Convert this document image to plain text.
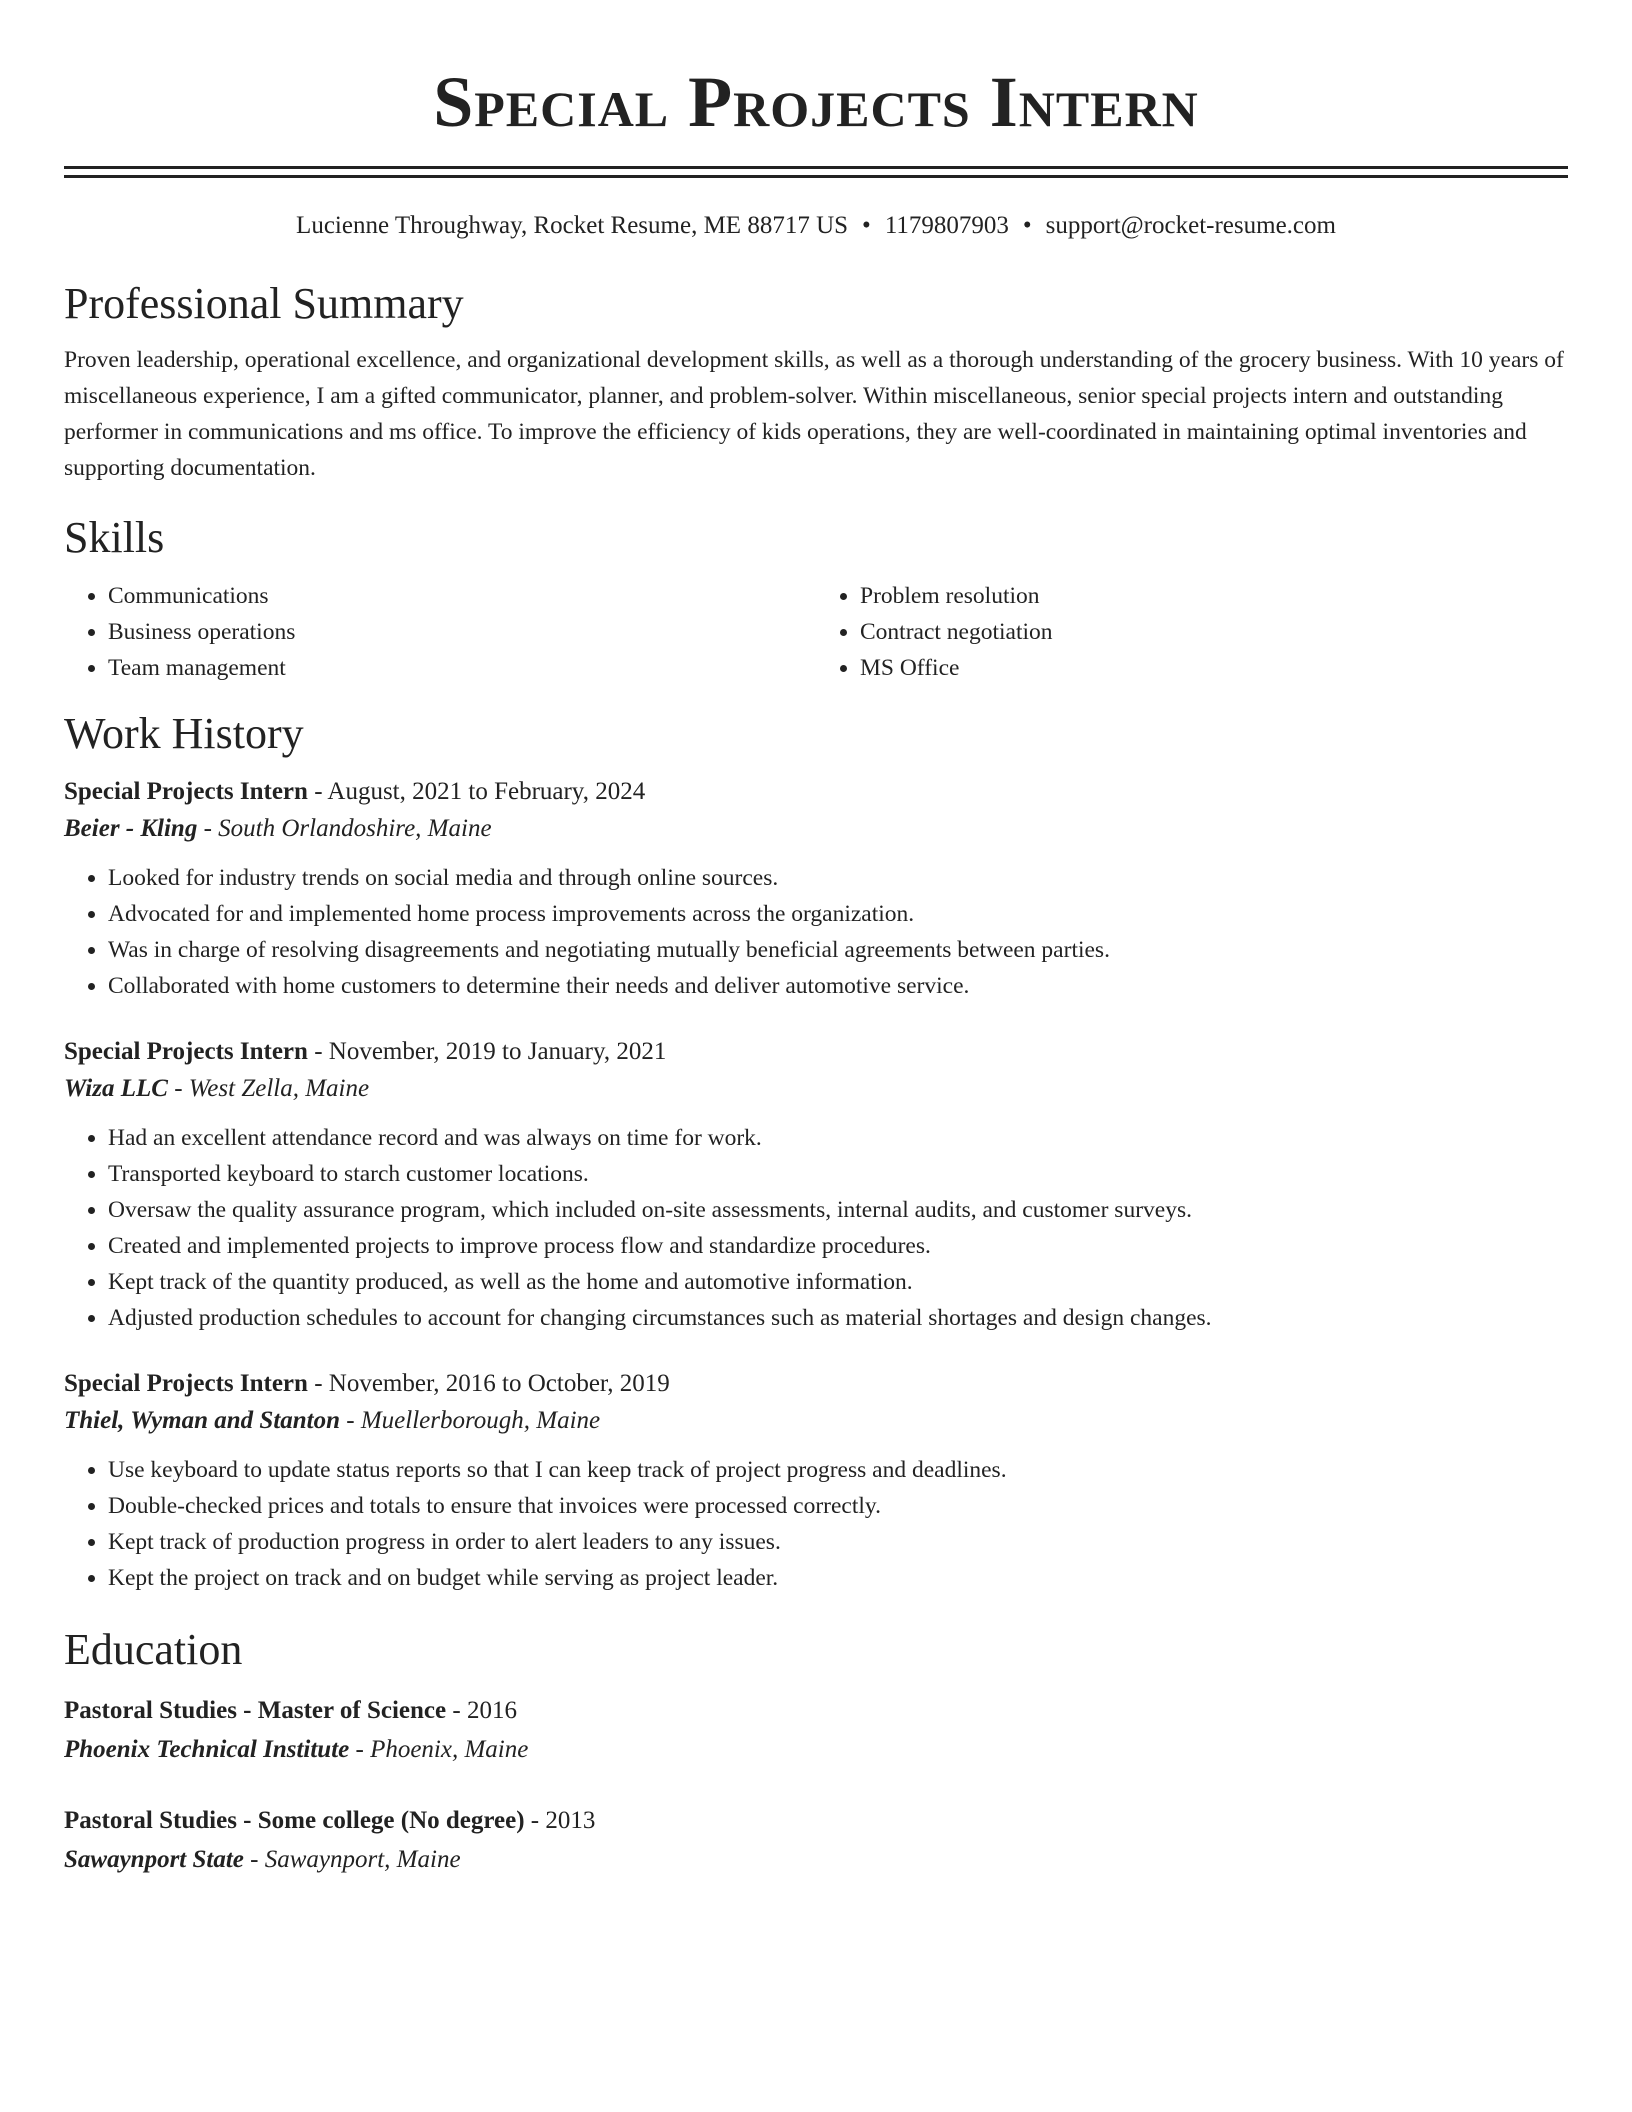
Special Projects Intern
Lucienne Throughway, Rocket Resume, ME 88717 US • 1179807903 • support@rocket-resume.com
Professional Summary

Proven leadership, operational excellence, and organizational development skills, as well as a thorough understanding of the grocery business. With 10 years of miscellaneous experience, I am a gifted communicator, planner, and problem-solver. Within miscellaneous, senior special projects intern and outstanding performer in communications and ms office. To improve the efficiency of kids operations, they are well-coordinated in maintaining optimal inventories and supporting documentation.

Skills
• Communications
• Business operations
• Team management
• Problem resolution
• Contract negotiation
• MS Office
Work History
Special Projects Intern - August, 2021 to February, 2024
Beier - Kling - South Orlandoshire, Maine
• Looked for industry trends on social media and through online sources.
• Advocated for and implemented home process improvements across the organization.
• Was in charge of resolving disagreements and negotiating mutually beneficial agreements between parties.
• Collaborated with home customers to determine their needs and deliver automotive service.
Special Projects Intern - November, 2019 to January, 2021
Wiza LLC - West Zella, Maine
• Had an excellent attendance record and was always on time for work.
• Transported keyboard to starch customer locations.
• Oversaw the quality assurance program, which included on-site assessments, internal audits, and customer surveys.
• Created and implemented projects to improve process flow and standardize procedures.
• Kept track of the quantity produced, as well as the home and automotive information.
• Adjusted production schedules to account for changing circumstances such as material shortages and design changes.
Special Projects Intern - November, 2016 to October, 2019
Thiel, Wyman and Stanton - Muellerborough, Maine
• Use keyboard to update status reports so that I can keep track of project progress and deadlines.
• Double-checked prices and totals to ensure that invoices were processed correctly.
• Kept track of production progress in order to alert leaders to any issues.
• Kept the project on track and on budget while serving as project leader.
Education
Pastoral Studies - Master of Science - 2016
Phoenix Technical Institute - Phoenix, Maine
Pastoral Studies - Some college (No degree) - 2013
Sawaynport State - Sawaynport, Maine
